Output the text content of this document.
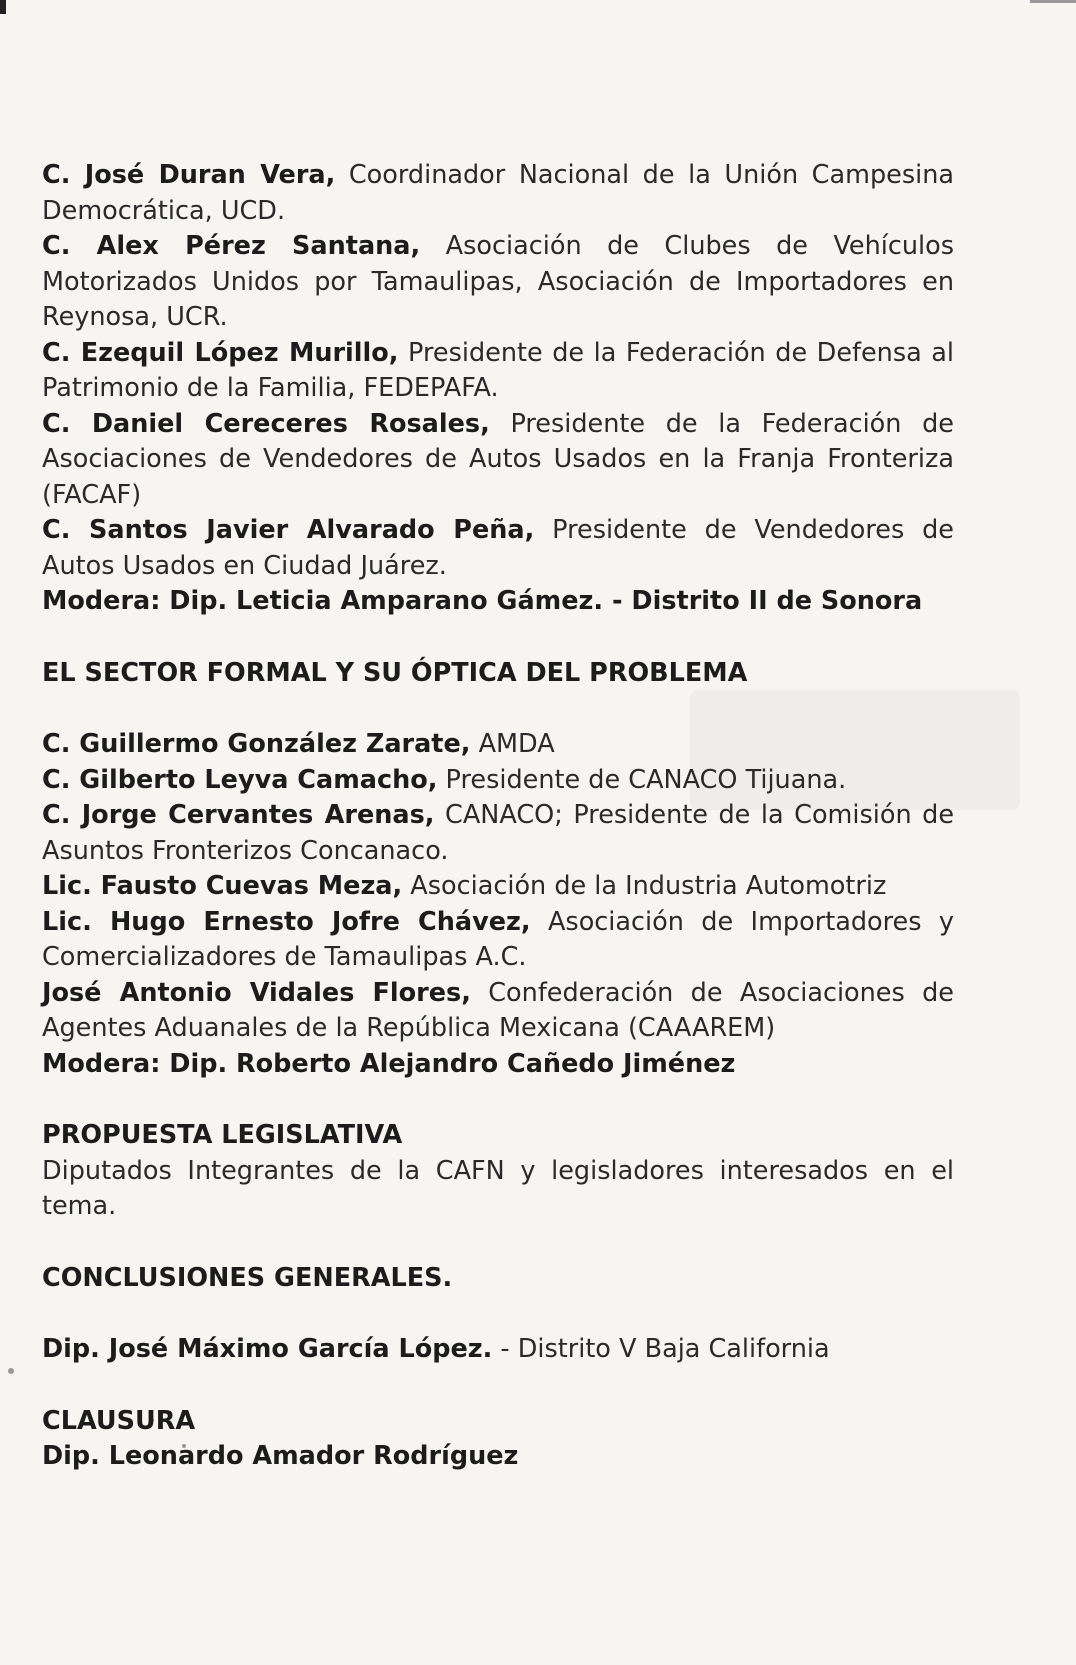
C. José Duran Vera, Coordinador Nacional de la Unión Campesina Democrática, UCD.

C. Alex Pérez Santana, Asociación de Clubes de Vehículos Motorizados Unidos por Tamaulipas, Asociación de Importadores en Reynosa, UCR.

C. Ezequil López Murillo, Presidente de la Federación de Defensa al Patrimonio de la Familia, FEDEPAFA.

C. Daniel Cereceres Rosales, Presidente de la Federación de Asociaciones de Vendedores de Autos Usados en la Franja Fronteriza (FACAF)

C. Santos Javier Alvarado Peña, Presidente de Vendedores de Autos Usados en Ciudad Juárez.

Modera: Dip. Leticia Amparano Gámez. - Distrito II de Sonora

EL SECTOR FORMAL Y SU ÓPTICA DEL PROBLEMA

C. Guillermo González Zarate, AMDA

C. Gilberto Leyva Camacho, Presidente de CANACO Tijuana.

C. Jorge Cervantes Arenas, CANACO; Presidente de la Comisión de Asuntos Fronterizos Concanaco.

Lic. Fausto Cuevas Meza, Asociación de la Industria Automotriz

Lic. Hugo Ernesto Jofre Chávez, Asociación de Importadores y Comercializadores de Tamaulipas A.C.

José Antonio Vidales Flores, Confederación de Asociaciones de Agentes Aduanales de la República Mexicana (CAAAREM)

Modera: Dip. Roberto Alejandro Cañedo Jiménez

PROPUESTA LEGISLATIVA

Diputados Integrantes de la CAFN y legisladores interesados en el tema.

CONCLUSIONES GENERALES.

Dip. José Máximo García López. - Distrito V Baja California

CLAUSURA

Dip. Leonardo Amador Rodríguez
